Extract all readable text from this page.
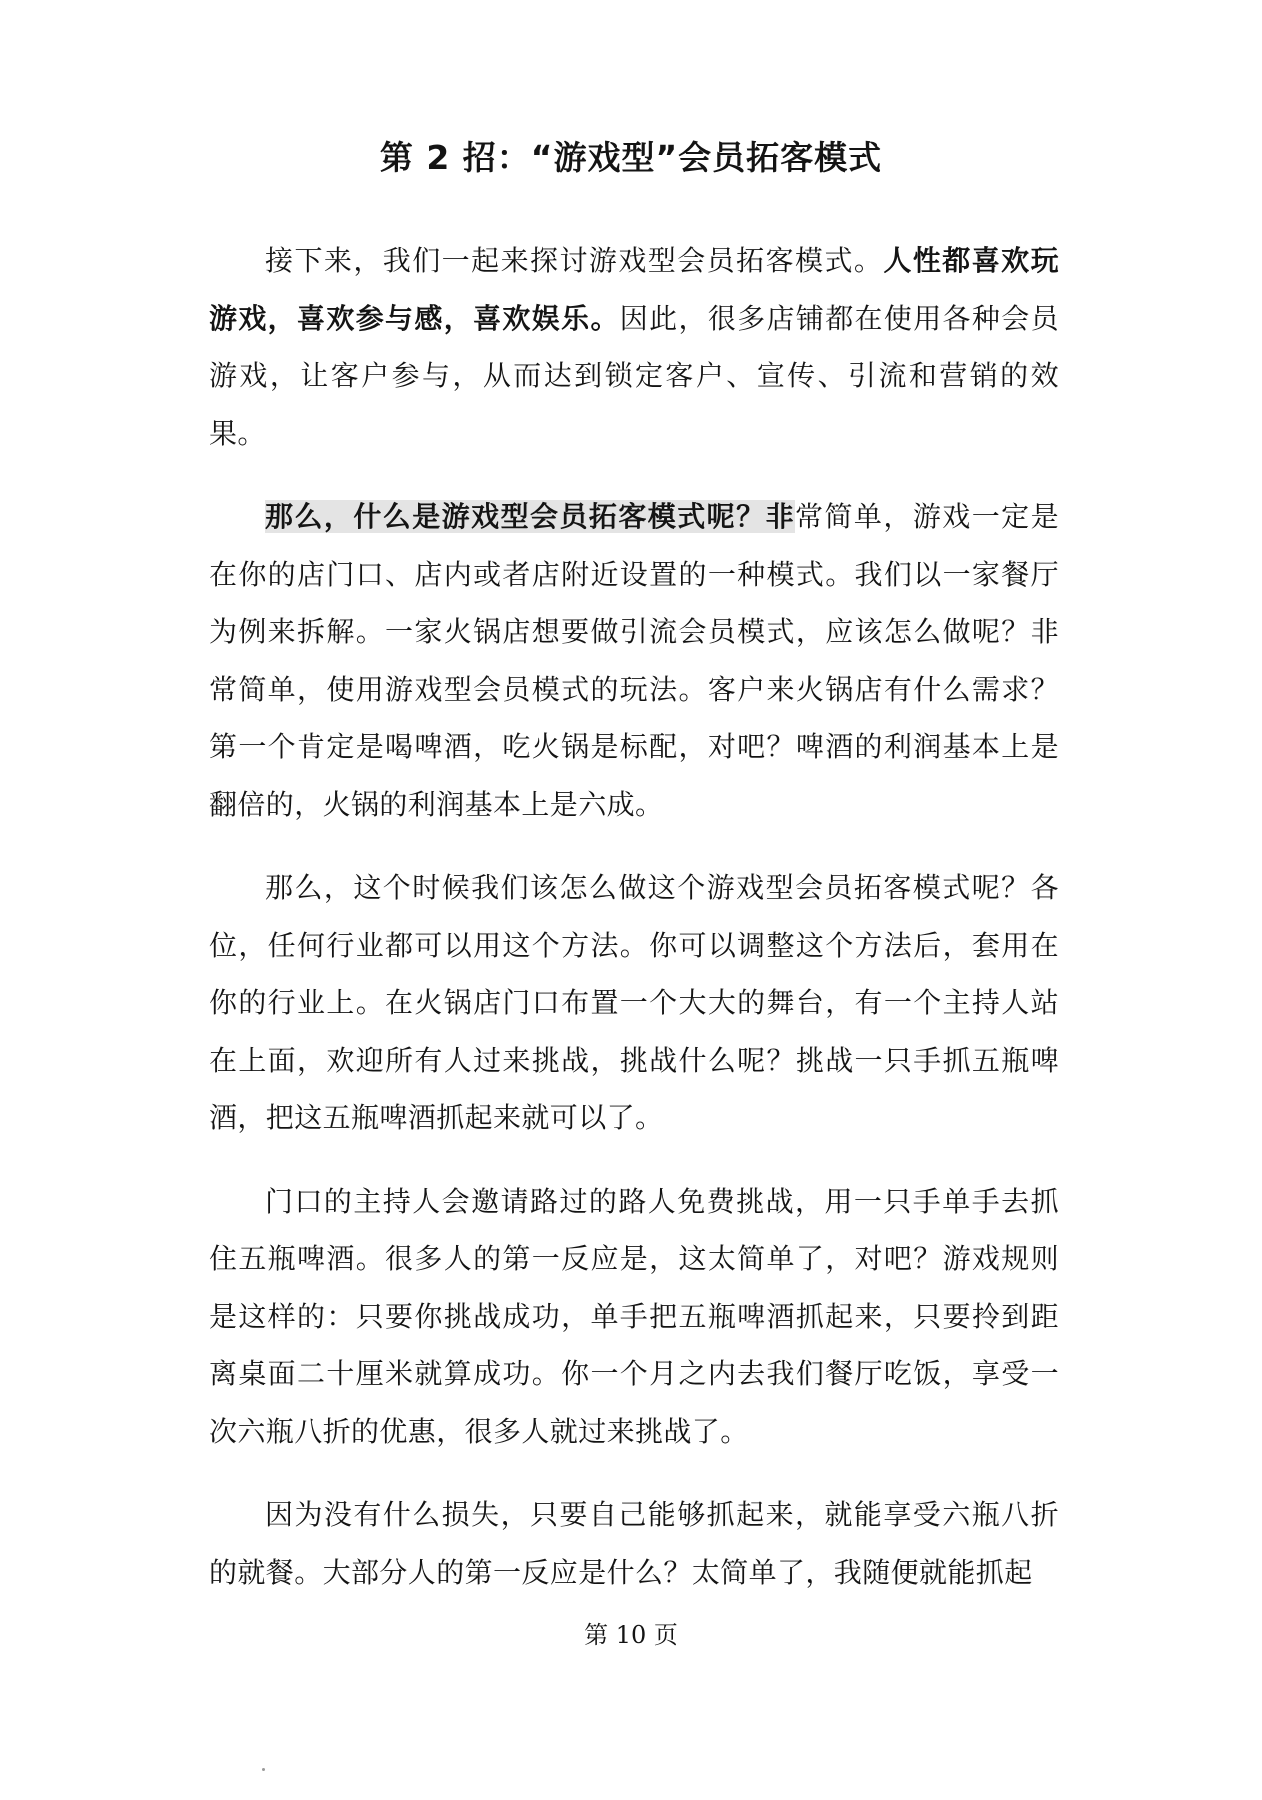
第 2 招：“游戏型”会员拓客模式

接下来，我们一起来探讨游戏型会员拓客模式。人性都喜欢玩游戏，喜欢参与感，喜欢娱乐。因此，很多店铺都在使用各种会员游戏，让客户参与，从而达到锁定客户、宣传、引流和营销的效果。

那么，什么是游戏型会员拓客模式呢？非常简单，游戏一定是在你的店门口、店内或者店附近设置的一种模式。我们以一家餐厅为例来拆解。一家火锅店想要做引流会员模式，应该怎么做呢？非常简单，使用游戏型会员模式的玩法。客户来火锅店有什么需求？第一个肯定是喝啤酒，吃火锅是标配，对吧？啤酒的利润基本上是翻倍的，火锅的利润基本上是六成。

那么，这个时候我们该怎么做这个游戏型会员拓客模式呢？各位，任何行业都可以用这个方法。你可以调整这个方法后，套用在你的行业上。在火锅店门口布置一个大大的舞台，有一个主持人站在上面，欢迎所有人过来挑战，挑战什么呢？挑战一只手抓五瓶啤酒，把这五瓶啤酒抓起来就可以了。

门口的主持人会邀请路过的路人免费挑战，用一只手单手去抓住五瓶啤酒。很多人的第一反应是，这太简单了，对吧？游戏规则是这样的：只要你挑战成功，单手把五瓶啤酒抓起来，只要拎到距离桌面二十厘米就算成功。你一个月之内去我们餐厅吃饭，享受一次六瓶八折的优惠，很多人就过来挑战了。

因为没有什么损失，只要自己能够抓起来，就能享受六瓶八折的就餐。大部分人的第一反应是什么？太简单了，我随便就能抓起

第 10 页
